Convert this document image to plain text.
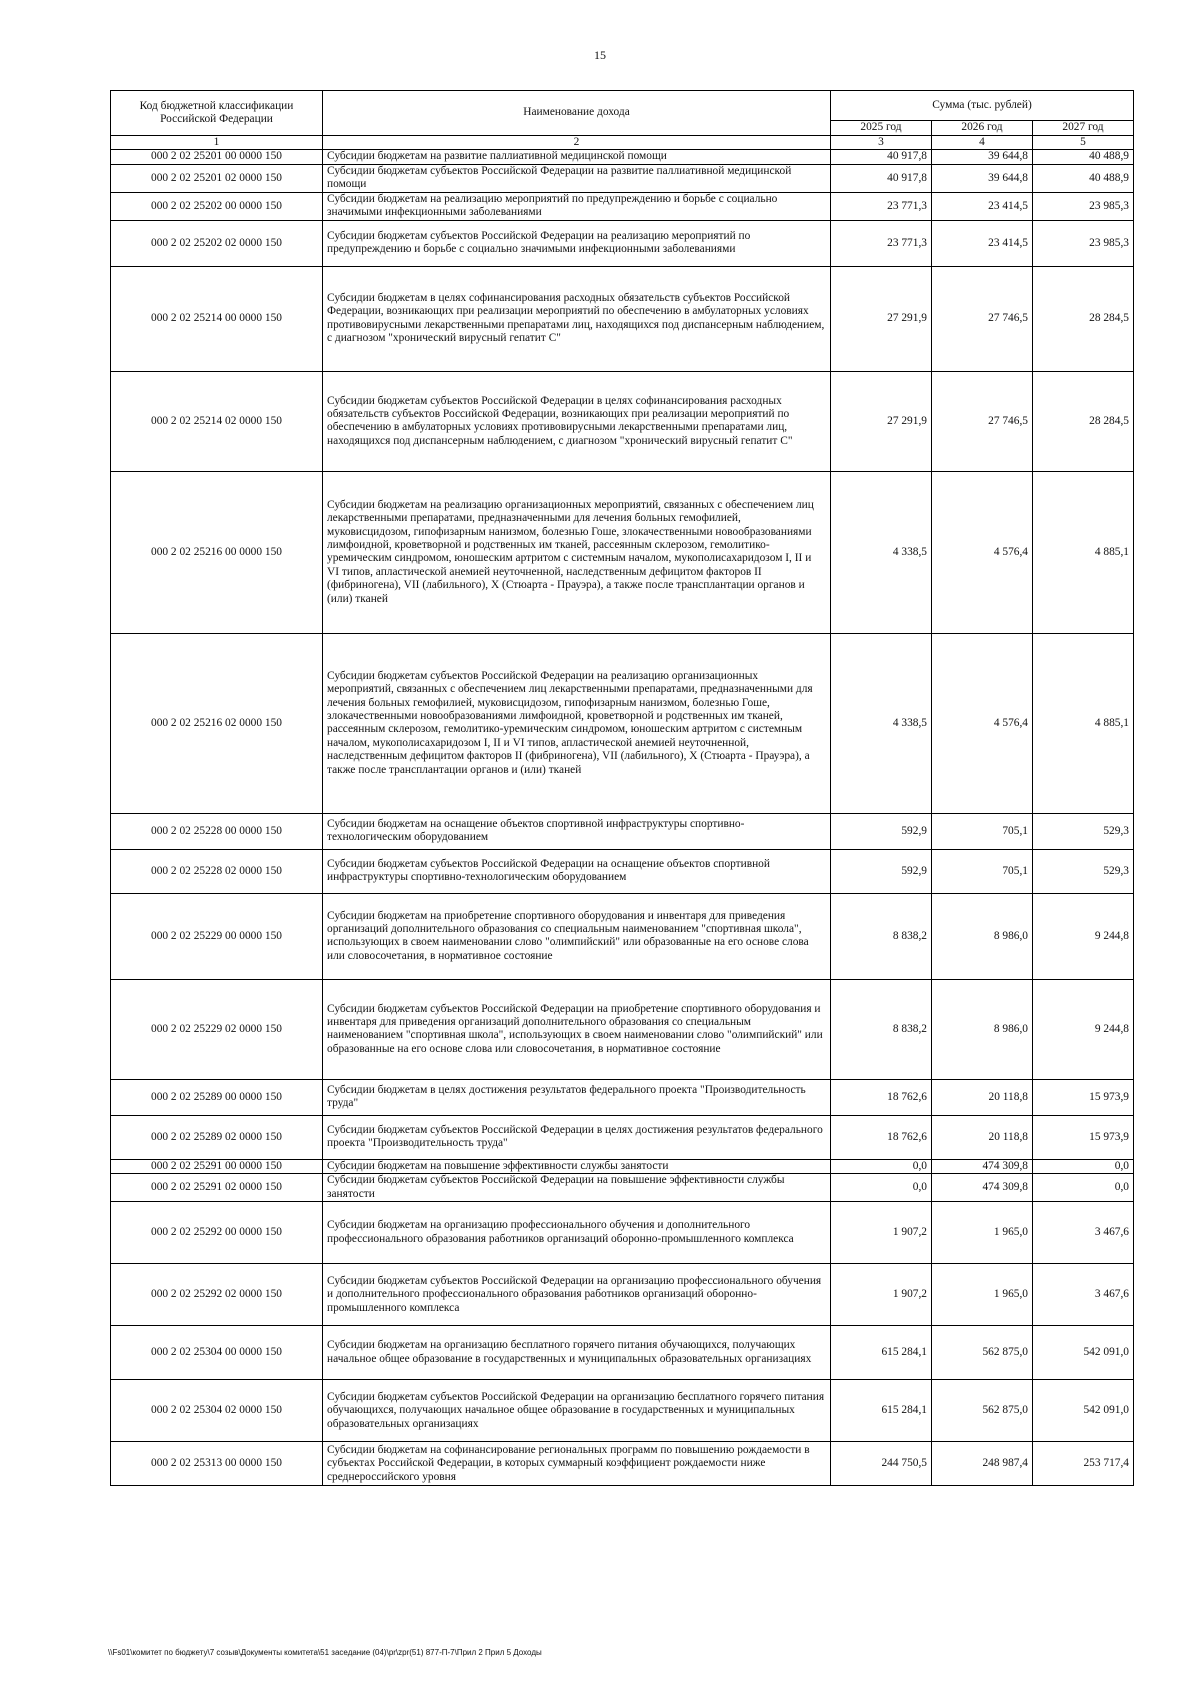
15
Код бюджетной классификации Российской Федерации	Наименование дохода	Сумма (тыс. рублей)		
		2025 год	2026 год	2027 год
1	2	3	4	5
000 2 02 25201 00 0000 150	Субсидии бюджетам на развитие паллиативной медицинской помощи	40 917,8	39 644,8	40 488,9
000 2 02 25201 02 0000 150	Субсидии бюджетам субъектов Российской Федерации на развитие паллиативной медицинской помощи	40 917,8	39 644,8	40 488,9
000 2 02 25202 00 0000 150	Субсидии бюджетам на реализацию мероприятий по предупреждению и борьбе с социально значимыми инфекционными заболеваниями	23 771,3	23 414,5	23 985,3
000 2 02 25202 02 0000 150	Субсидии бюджетам субъектов Российской Федерации на реализацию мероприятий по предупреждению и борьбе с социально значимыми инфекционными заболеваниями	23 771,3	23 414,5	23 985,3
000 2 02 25214 00 0000 150	Субсидии бюджетам в целях софинансирования расходных обязательств субъектов Российской Федерации, возникающих при реализации мероприятий по обеспечению в амбулаторных условиях противовирусными лекарственными препаратами лиц, находящихся под диспансерным наблюдением, с диагнозом "хронический вирусный гепатит С"	27 291,9	27 746,5	28 284,5
000 2 02 25214 02 0000 150	Субсидии бюджетам субъектов Российской Федерации в целях софинансирования расходных обязательств субъектов Российской Федерации, возникающих при реализации мероприятий по обеспечению в амбулаторных условиях противовирусными лекарственными препаратами лиц, находящихся под диспансерным наблюдением, с диагнозом "хронический вирусный гепатит С"	27 291,9	27 746,5	28 284,5
000 2 02 25216 00 0000 150	Субсидии бюджетам на реализацию организационных мероприятий, связанных с обеспечением лиц лекарственными препаратами, предназначенными для лечения больных гемофилией, муковисцидозом, гипофизарным нанизмом, болезнью Гоше, злокачественными новообразованиями лимфоидной, кроветворной и родственных им тканей, рассеянным склерозом, гемолитико-уремическим синдромом, юношеским артритом с системным началом, мукополисахаридозом I, II и VI типов, апластической анемией неуточненной, наследственным дефицитом факторов II (фибриногена), VII (лабильного), X (Стюарта - Прауэра), а также после трансплантации органов и (или) тканей	4 338,5	4 576,4	4 885,1
000 2 02 25216 02 0000 150	Субсидии бюджетам субъектов Российской Федерации на реализацию организационных мероприятий, связанных с обеспечением лиц лекарственными препаратами, предназначенными для лечения больных гемофилией, муковисцидозом, гипофизарным нанизмом, болезнью Гоше, злокачественными новообразованиями лимфоидной, кроветворной и родственных им тканей, рассеянным склерозом, гемолитико-уремическим синдромом, юношеским артритом с системным началом, мукополисахаридозом I, II и VI типов, апластической анемией неуточненной, наследственным дефицитом факторов II (фибриногена), VII (лабильного), X (Стюарта - Прауэра), а также после трансплантации органов и (или) тканей	4 338,5	4 576,4	4 885,1
000 2 02 25228 00 0000 150	Субсидии бюджетам на оснащение объектов спортивной инфраструктуры спортивно-технологическим оборудованием	592,9	705,1	529,3
000 2 02 25228 02 0000 150	Субсидии бюджетам субъектов Российской Федерации на оснащение объектов спортивной инфраструктуры спортивно-технологическим оборудованием	592,9	705,1	529,3
000 2 02 25229 00 0000 150	Субсидии бюджетам на приобретение спортивного оборудования и инвентаря для приведения организаций дополнительного образования со специальным наименованием "спортивная школа", использующих в своем наименовании слово "олимпийский" или образованные на его основе слова или словосочетания, в нормативное состояние	8 838,2	8 986,0	9 244,8
000 2 02 25229 02 0000 150	Субсидии бюджетам субъектов Российской Федерации на приобретение спортивного оборудования и инвентаря для приведения организаций дополнительного образования со специальным наименованием "спортивная школа", использующих в своем наименовании слово "олимпийский" или образованные на его основе слова или словосочетания, в нормативное состояние	8 838,2	8 986,0	9 244,8
000 2 02 25289 00 0000 150	Субсидии бюджетам в целях достижения результатов федерального проекта "Производительность труда"	18 762,6	20 118,8	15 973,9
000 2 02 25289 02 0000 150	Субсидии бюджетам субъектов Российской Федерации в целях достижения результатов федерального проекта "Производительность труда"	18 762,6	20 118,8	15 973,9
000 2 02 25291 00 0000 150	Субсидии бюджетам на повышение эффективности службы занятости	0,0	474 309,8	0,0
000 2 02 25291 02 0000 150	Субсидии бюджетам субъектов Российской Федерации на повышение эффективности службы занятости	0,0	474 309,8	0,0
000 2 02 25292 00 0000 150	Субсидии бюджетам на организацию профессионального обучения и дополнительного профессионального образования работников организаций оборонно-промышленного комплекса	1 907,2	1 965,0	3 467,6
000 2 02 25292 02 0000 150	Субсидии бюджетам субъектов Российской Федерации на организацию профессионального обучения и дополнительного профессионального образования работников организаций оборонно-промышленного комплекса	1 907,2	1 965,0	3 467,6
000 2 02 25304 00 0000 150	Субсидии бюджетам на организацию бесплатного горячего питания обучающихся, получающих начальное общее образование в государственных и муниципальных образовательных организациях	615 284,1	562 875,0	542 091,0
000 2 02 25304 02 0000 150	Субсидии бюджетам субъектов Российской Федерации на организацию бесплатного горячего питания обучающихся, получающих начальное общее образование в государственных и муниципальных образовательных организациях	615 284,1	562 875,0	542 091,0
000 2 02 25313 00 0000 150	Субсидии бюджетам на софинансирование региональных программ по повышению рождаемости в субъектах Российской Федерации, в которых суммарный коэффициент рождаемости ниже среднероссийского уровня	244 750,5	248 987,4	253 717,4
\\Fs01\комитет по бюджету\7 созыв\Документы комитета\51 заседание (04)\pr\zpr(51) 877-П-7\Прил 2 Прил 5 Доходы
